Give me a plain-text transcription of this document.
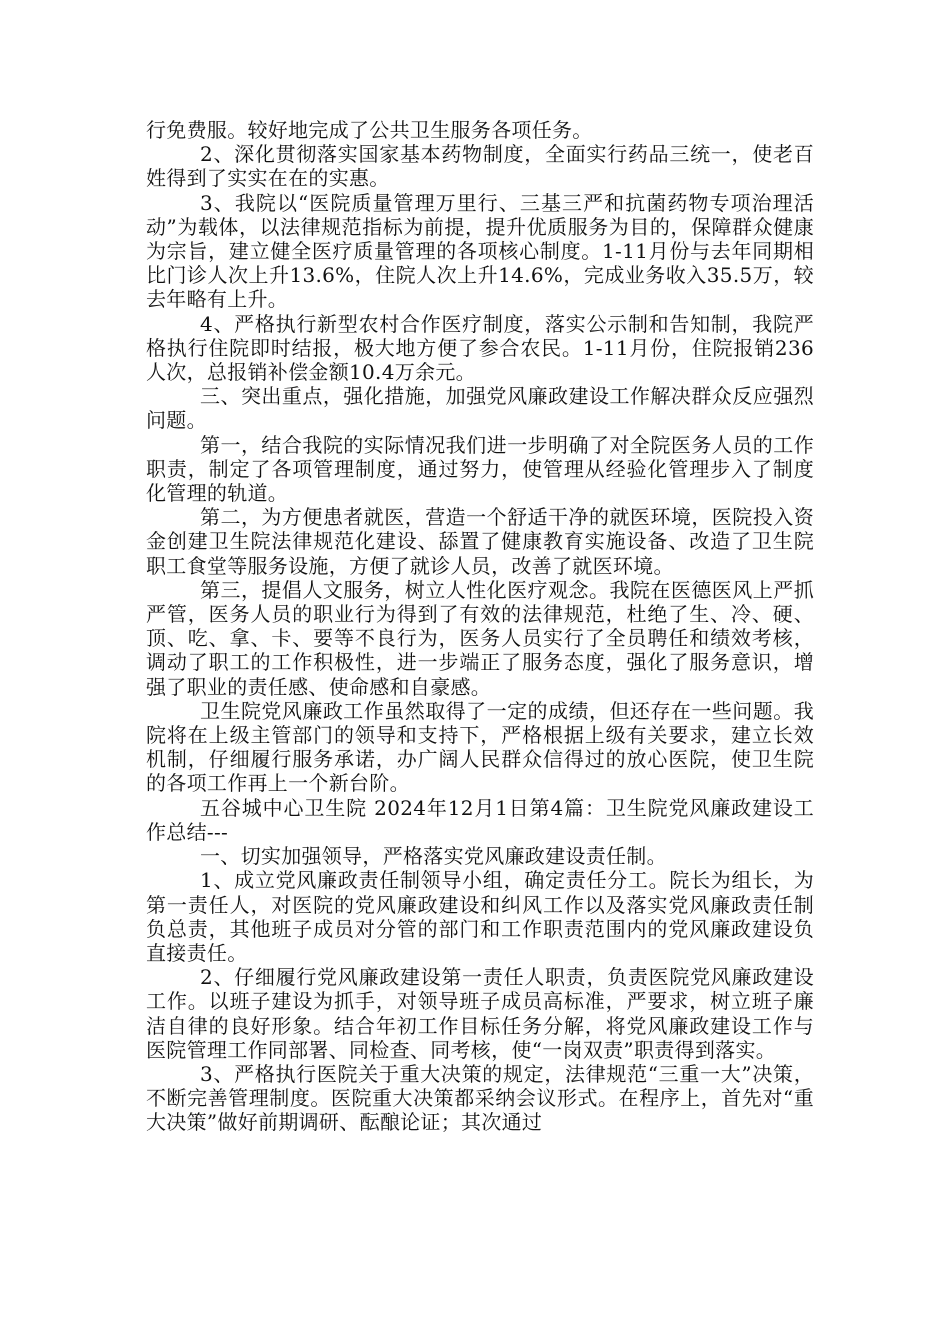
行免费服。较好地完成了公共卫生服务各项任务。

2、深化贯彻落实国家基本药物制度，全面实行药品三统一，使老百姓得到了实实在在的实惠。

3、我院以“医院质量管理万里行、三基三严和抗菌药物专项治理活动”为载体，以法律规范指标为前提，提升优质服务为目的，保障群众健康为宗旨，建立健全医疗质量管理的各项核心制度。1-11月份与去年同期相比门诊人次上升13.6%，住院人次上升14.6%，完成业务收入35.5万，较去年略有上升。

4、严格执行新型农村合作医疗制度，落实公示制和告知制，我院严格执行住院即时结报，极大地方便了参合农民。1-11月份，住院报销236人次，总报销补偿金额10.4万余元。

三、突出重点，强化措施，加强党风廉政建设工作解决群众反应强烈问题。

第一，结合我院的实际情况我们进一步明确了对全院医务人员的工作职责，制定了各项管理制度，通过努力，使管理从经验化管理步入了制度化管理的轨道。

第二，为方便患者就医，营造一个舒适干净的就医环境，医院投入资金创建卫生院法律规范化建设、舔置了健康教育实施设备、改造了卫生院职工食堂等服务设施，方便了就诊人员，改善了就医环境。

第三，提倡人文服务，树立人性化医疗观念。我院在医德医风上严抓严管，医务人员的职业行为得到了有效的法律规范，杜绝了生、冷、硬、顶、吃、拿、卡、要等不良行为，医务人员实行了全员聘任和绩效考核，调动了职工的工作积极性，进一步端正了服务态度，强化了服务意识，增强了职业的责任感、使命感和自豪感。

卫生院党风廉政工作虽然取得了一定的成绩，但还存在一些问题。我院将在上级主管部门的领导和支持下，严格根据上级有关要求，建立长效机制，仔细履行服务承诺，办广阔人民群众信得过的放心医院，使卫生院的各项工作再上一个新台阶。

五谷城中心卫生院 2024年12月1日第4篇：卫生院党风廉政建设工作总结---

一、切实加强领导，严格落实党风廉政建设责任制。

1、成立党风廉政责任制领导小组，确定责任分工。院长为组长，为第一责任人，对医院的党风廉政建设和纠风工作以及落实党风廉政责任制负总责，其他班子成员对分管的部门和工作职责范围内的党风廉政建设负直接责任。

2、仔细履行党风廉政建设第一责任人职责，负责医院党风廉政建设工作。以班子建设为抓手，对领导班子成员高标准，严要求，树立班子廉洁自律的良好形象。结合年初工作目标任务分解，将党风廉政建设工作与医院管理工作同部署、同检查、同考核，使“一岗双责”职责得到落实。

3、严格执行医院关于重大决策的规定，法律规范“三重一大”决策，不断完善管理制度。医院重大决策都采纳会议形式。在程序上，首先对“重大决策”做好前期调研、酝酿论证；其次通过
